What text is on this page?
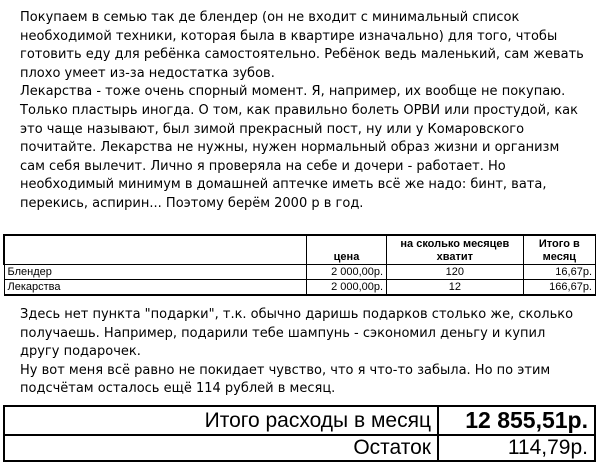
Покупаем в семью так де блендер (он не входит с минимальный список
необходимой техники, которая была в квартире изначально) для того, чтобы
готовить еду для ребёнка самостоятельно. Ребёнок ведь маленький, сам жевать
плохо умеет из-за недостатка зубов.
Лекарства - тоже очень спорный момент. Я, например, их вообще не покупаю.
Только пластырь иногда. О том, как правильно болеть ОРВИ или простудой, как
это чаще называют, был зимой прекрасный пост, ну или у Комаровского
почитайте. Лекарства не нужны, нужен нормальный образ жизни и организм
сам себя вылечит. Лично я проверяла на себе и дочери - работает. Но
необходимый минимум в домашней аптечке иметь всё же надо: бинт, вата,
перекись, аспирин... Поэтому берём 2000 р в год.

	цена	на сколько месяцев хватит	Итого в месяц
Блендер	2 000,00р.	120	16,67р.
Лекарства	2 000,00р.	12	166,67р.

Здесь нет пункта "подарки", т.к. обычно даришь подарков столько же, сколько
получаешь. Например, подарили тебе шампунь - сэкономил деньгу и купил
другу подарочек.
Ну вот меня всё равно не покидает чувство, что я что-то забыла. Но по этим
подсчётам осталось ещё 114 рублей в месяц.

Итого расходы в месяц	12 855,51р.
Остаток	114,79р.
